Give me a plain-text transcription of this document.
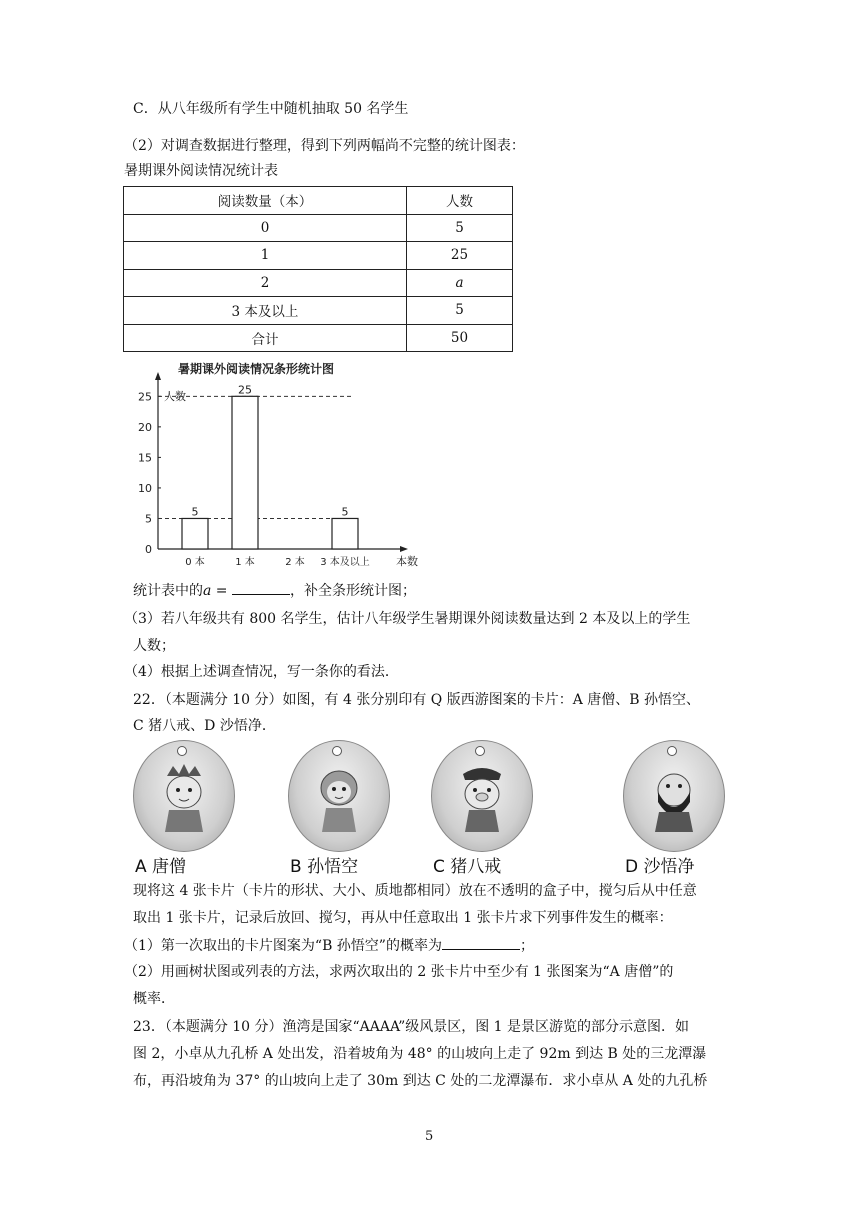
C．从八年级所有学生中随机抽取 50 名学生
（2）对调查数据进行整理，得到下列两幅尚不完整的统计图表：
暑期课外阅读情况统计表
阅读数量（本）	人数
0	5
1	25
2	a
3 本及以上	5
合计	50
暑期课外阅读情况条形统计图
人数
本数
0
5
10
15
20
25
5
0 本
25
1 本	2 本
5
3 本及以上
统计表中的a =	，补全条形统计图；
（3）若八年级共有 800 名学生，估计八年级学生暑期课外阅读数量达到 2 本及以上的学生
人数；
（4）根据上述调查情况，写一条你的看法．
22．（本题满分 10 分）如图，有 4 张分别印有 Q 版西游图案的卡片：A 唐僧、B 孙悟空、
C 猪八戒、D 沙悟净．
A 唐僧	B 孙悟空	C 猪八戒	D 沙悟净
现将这 4 张卡片（卡片的形状、大小、质地都相同）放在不透明的盒子中，搅匀后从中任意
取出 1 张卡片，记录后放回、搅匀，再从中任意取出 1 张卡片求下列事件发生的概率：
（1）第一次取出的卡片图案为“B 孙悟空”的概率为	；
（2）用画树状图或列表的方法，求两次取出的 2 张卡片中至少有 1 张图案为“A 唐僧”的
概率．
23．（本题满分 10 分）渔湾是国家“AAAA”级风景区，图 1 是景区游览的部分示意图．如
图 2，小卓从九孔桥 A 处出发，沿着坡角为 48° 的山坡向上走了 92m 到达 B 处的三龙潭瀑
布，再沿坡角为 37° 的山坡向上走了 30m 到达 C 处的二龙潭瀑布．求小卓从 A 处的九孔桥
5
